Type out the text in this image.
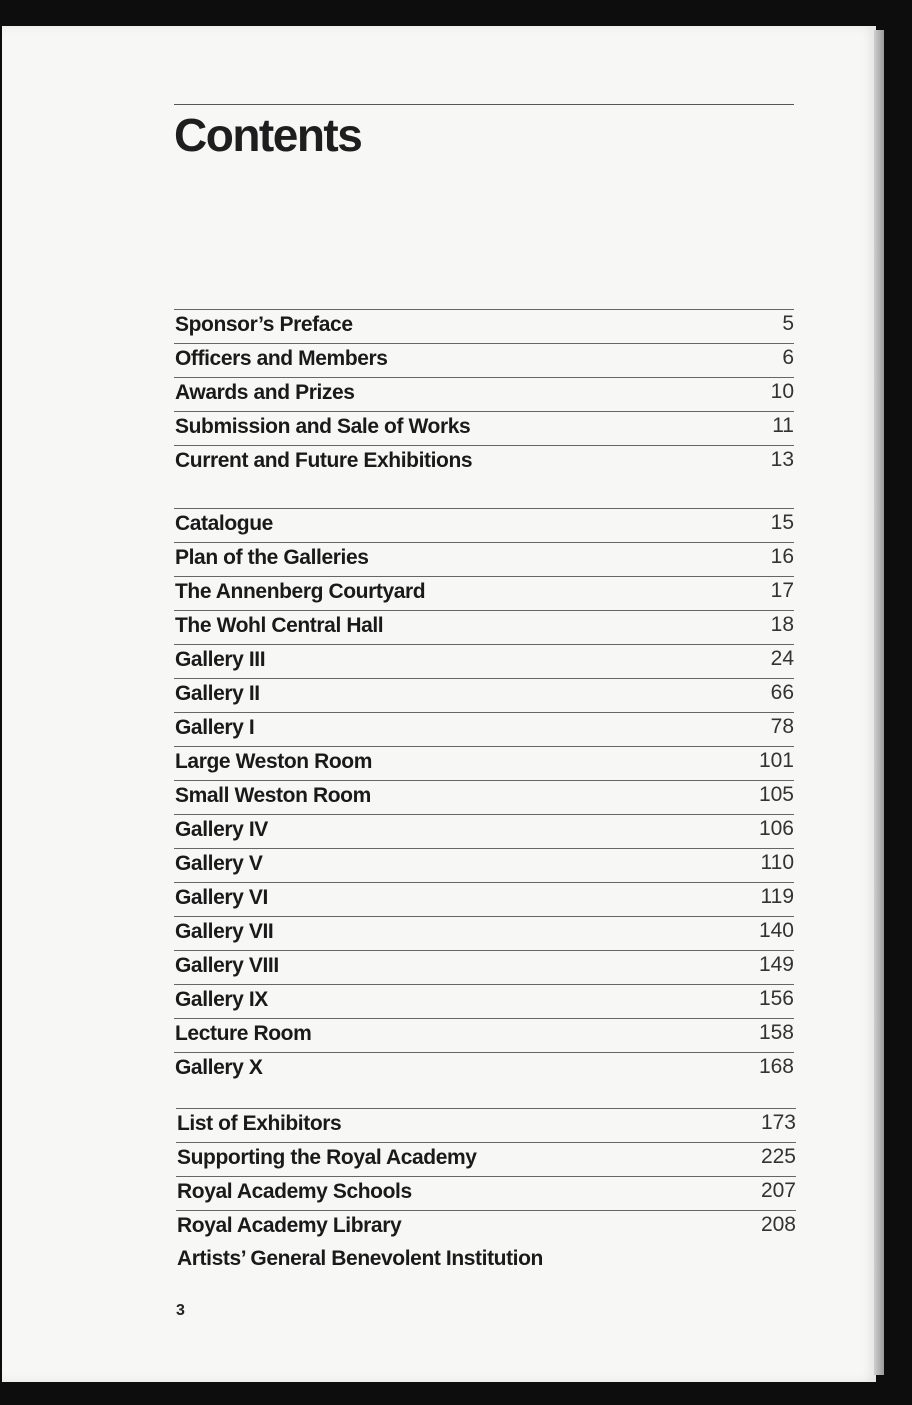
Contents
Sponsor’s Preface	5
Officers and Members	6
Awards and Prizes	10
Submission and Sale of Works	11
Current and Future Exhibitions	13
Catalogue	15
Plan of the Galleries	16
The Annenberg Courtyard	17
The Wohl Central Hall	18
Gallery III	24
Gallery II	66
Gallery I	78
Large Weston Room	101
Small Weston Room	105
Gallery IV	106
Gallery V	110
Gallery VI	119
Gallery VII	140
Gallery VIII	149
Gallery IX	156
Lecture Room	158
Gallery X	168
List of Exhibitors	173
Supporting the Royal Academy	225
Royal Academy Schools	207
Royal Academy Library	208
Artists’ General Benevolent Institution
3
